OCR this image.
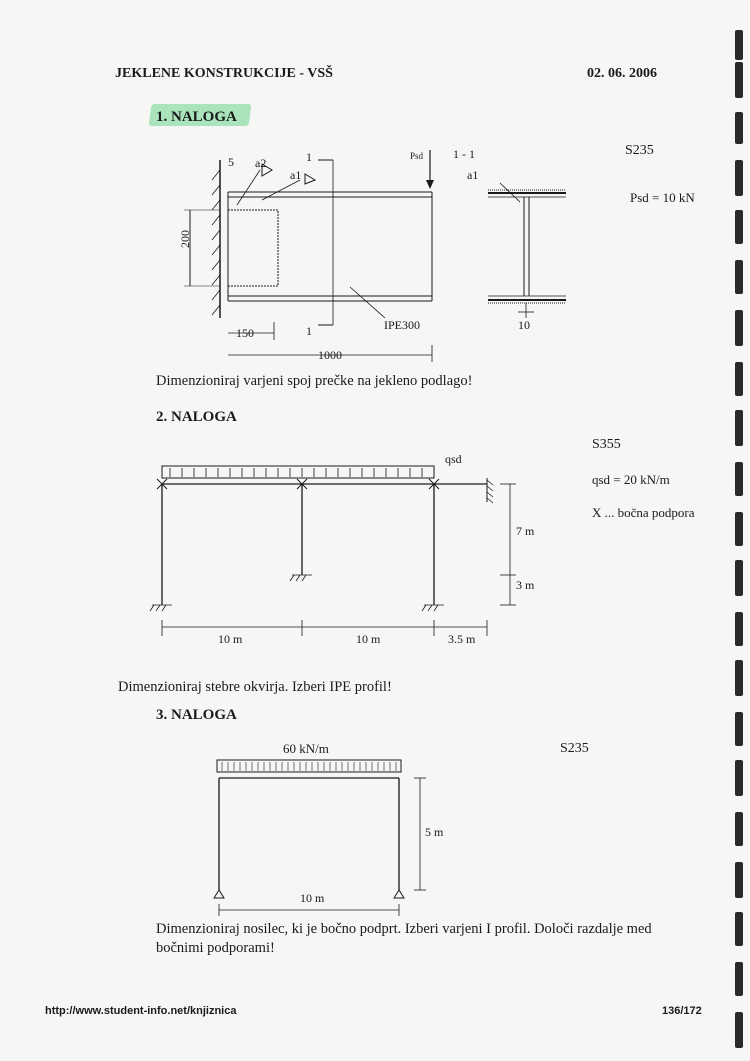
JEKLENE KONSTRUKCIJE - VSŠ	02. 06. 2006
1. NALOGA
S235
Psd = 10 kN
5 a2
a1
1	Psd 1 - 1
a1
200
150	1	IPE300	10
1000
Dimenzioniraj varjeni spoj prečke na jekleno podlago!
2. NALOGA
S355
qsd = 20 kN/m
X ... bočna podpora
qsd
7 m
3 m
10 m	10 m	3.5 m
Dimenzioniraj stebre okvirja. Izberi IPE profil!
3. NALOGA
60 kN/m	S235
5 m
10 m
Dimenzioniraj nosilec, ki je bočno podprt. Izberi varjeni I profil. Določi razdalje med
bočnimi podporami!
http://www.student-info.net/knjiznica	136/172
